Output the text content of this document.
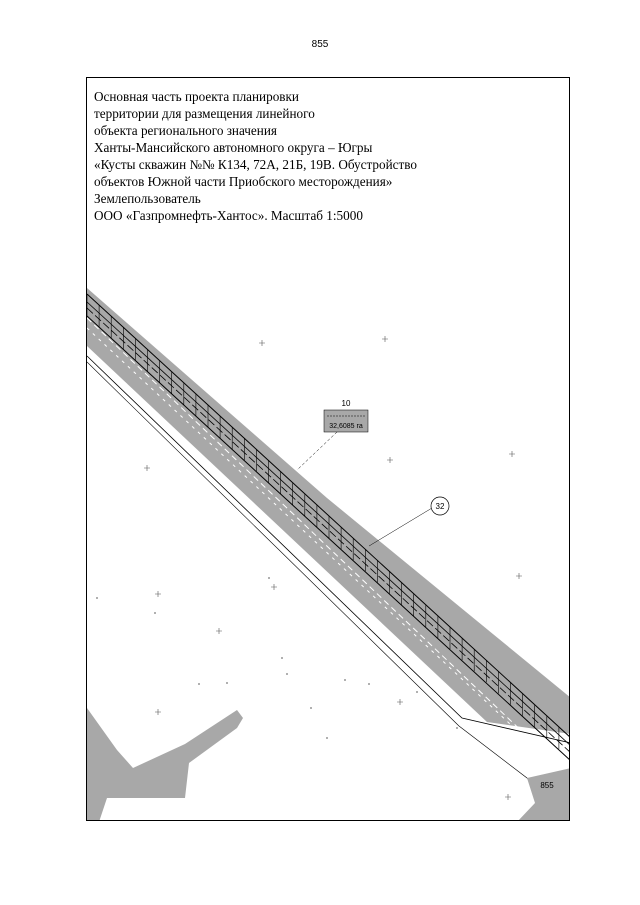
855
10
32,6085 га
32
855
Основная часть проекта планировки
территории для размещения линейного
объекта регионального значения
Ханты-Мансийского автономного округа – Югры
«Кусты скважин №№ К134, 72А, 21Б, 19В. Обустройство
объектов Южной части Приобского месторождения»
Землепользователь
ООО «Газпромнефть-Хантос». Масштаб 1:5000
